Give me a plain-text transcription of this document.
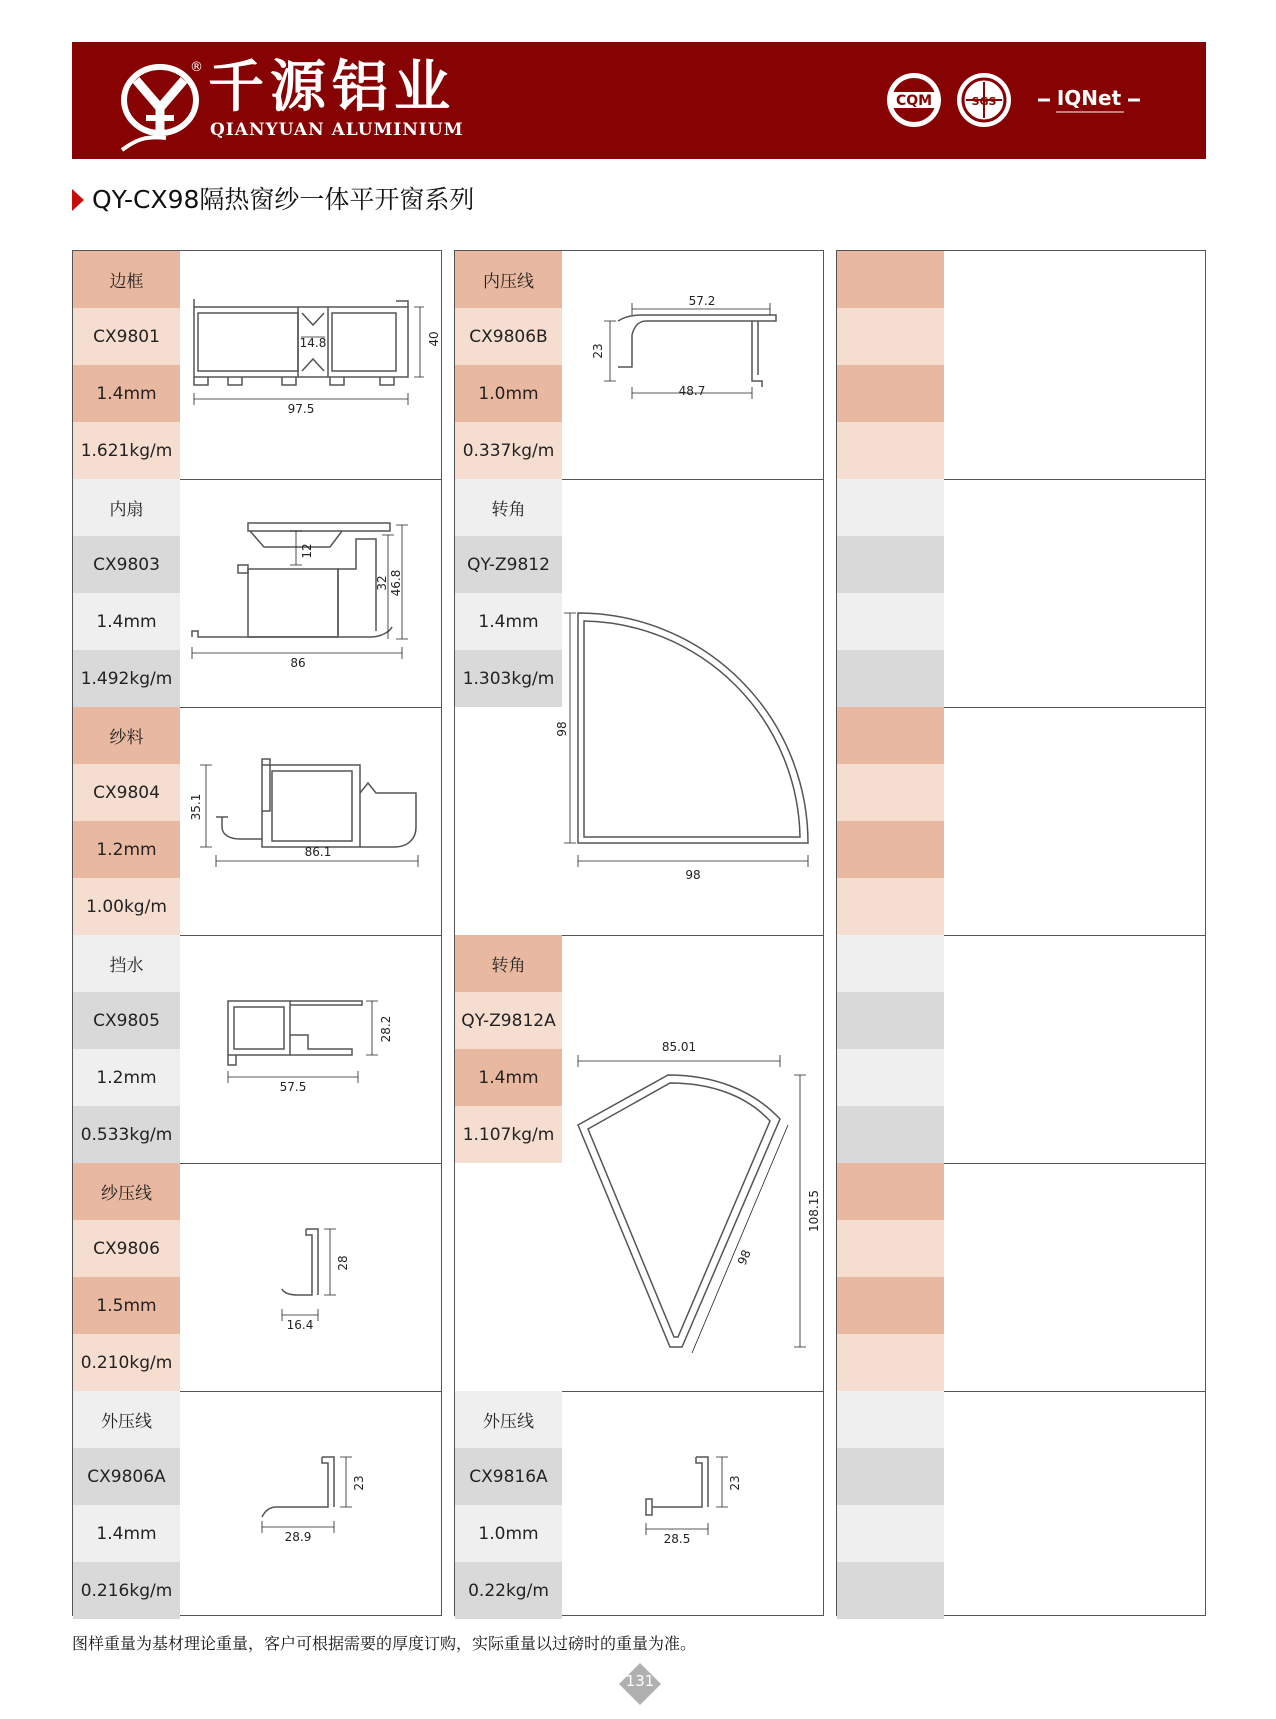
® 千源铝业
QIANYUAN ALUMINIUM
CQM	SGS	IQNet
QY-CX98隔热窗纱一体平开窗系列
边框
CX9801
1.4mm
1.621kg/m
14.8	40
97.5
内扇
CX9803
1.4mm
1.492kg/m
12
32 46.8
86
纱料
CX9804
1.2mm
1.00kg/m
35.1
86.1
挡水
CX9805
1.2mm
0.533kg/m
28.2
57.5
纱压线
CX9806
1.5mm
0.210kg/m
28
16.4
外压线
CX9806A
1.4mm
0.216kg/m
23
28.9
内压线
CX9806B
1.0mm
0.337kg/m
57.2
23
48.7
转角
QY-Z9812
1.4mm
1.303kg/m
98
98
转角
QY-Z9812A
1.4mm
1.107kg/m
85.01
108.15
98
外压线
CX9816A
1.0mm
0.22kg/m
23
28.5
图样重量为基材理论重量，客户可根据需要的厚度订购，实际重量以过磅时的重量为准。
131
